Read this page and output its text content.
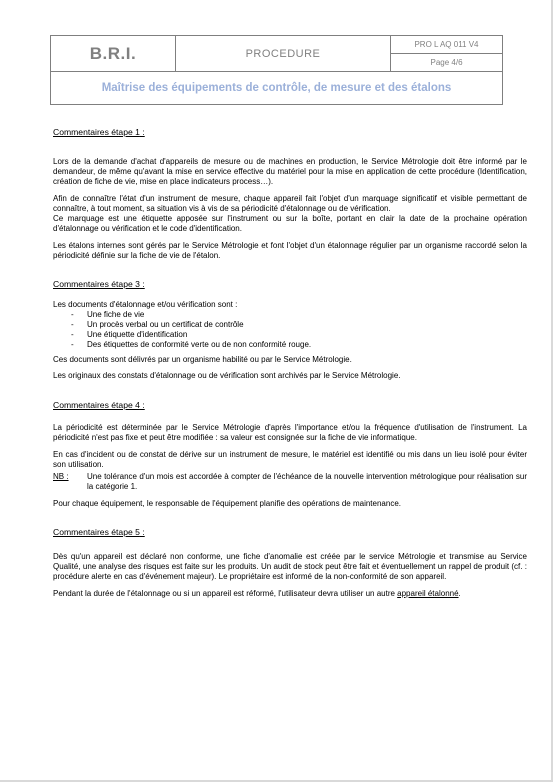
B.R.I.	PROCEDURE
PRO L AQ 011 V4
Page 4/6
Maîtrise des équipements de contrôle, de mesure et des étalons
Commentaires étape 1 :

Lors de la demande d'achat d'appareils de mesure ou de machines en production, le Service Métrologie doit être informé par le demandeur, de même qu'avant la mise en service effective du matériel pour la mise en application de cette procédure (Identification, création de fiche de vie, mise en place indicateurs process…).

Afin de connaître l'état d'un instrument de mesure, chaque appareil fait l'objet d'un marquage significatif et visible permettant de connaître, à tout moment, sa situation vis à vis de sa périodicité d'étalonnage ou de vérification.

Ce marquage est une étiquette apposée sur l'instrument ou sur la boîte, portant en clair la date de la prochaine opération d'étalonnage ou vérification et le code d'identification.

Les étalons internes sont gérés par le Service Métrologie et font l'objet d'un étalonnage régulier par un organisme raccordé selon la périodicité définie sur la fiche de vie de l'étalon.

Commentaires étape 3 :

Les documents d'étalonnage et/ou vérification sont :

- Une fiche de vie
- Un procès verbal ou un certificat de contrôle
- Une étiquette d'identification
- Des étiquettes de conformité verte ou de non conformité rouge.

Ces documents sont délivrés par un organisme habilité ou par le Service Métrologie.

Les originaux des constats d'étalonnage ou de vérification sont archivés par le Service Métrologie.

Commentaires étape 4 :

La périodicité est déterminée par le Service Métrologie d'après l'importance et/ou la fréquence d'utilisation de l'instrument. La périodicité n'est pas fixe et peut être modifiée : sa valeur est consignée sur la fiche de vie informatique.

En cas d'incident ou de constat de dérive sur un instrument de mesure, le matériel est identifié ou mis dans un lieu isolé pour éviter son utilisation.

NB :	Une tolérance d'un mois est accordée à compter de l'échéance de la nouvelle intervention métrologique pour réalisation sur la catégorie 1.

Pour chaque équipement, le responsable de l'équipement planifie des opérations de maintenance.

Commentaires étape 5 :

Dès qu'un appareil est déclaré non conforme, une fiche d'anomalie est créée par le service Métrologie et transmise au Service Qualité, une analyse des risques est faite sur les produits. Un audit de stock peut être fait et éventuellement un rappel de produit (cf. : procédure alerte en cas d'événement majeur). Le propriétaire est informé de la non-conformité de son appareil.

Pendant la durée de l'étalonnage ou si un appareil est réformé, l'utilisateur devra utiliser un autre appareil étalonné.
